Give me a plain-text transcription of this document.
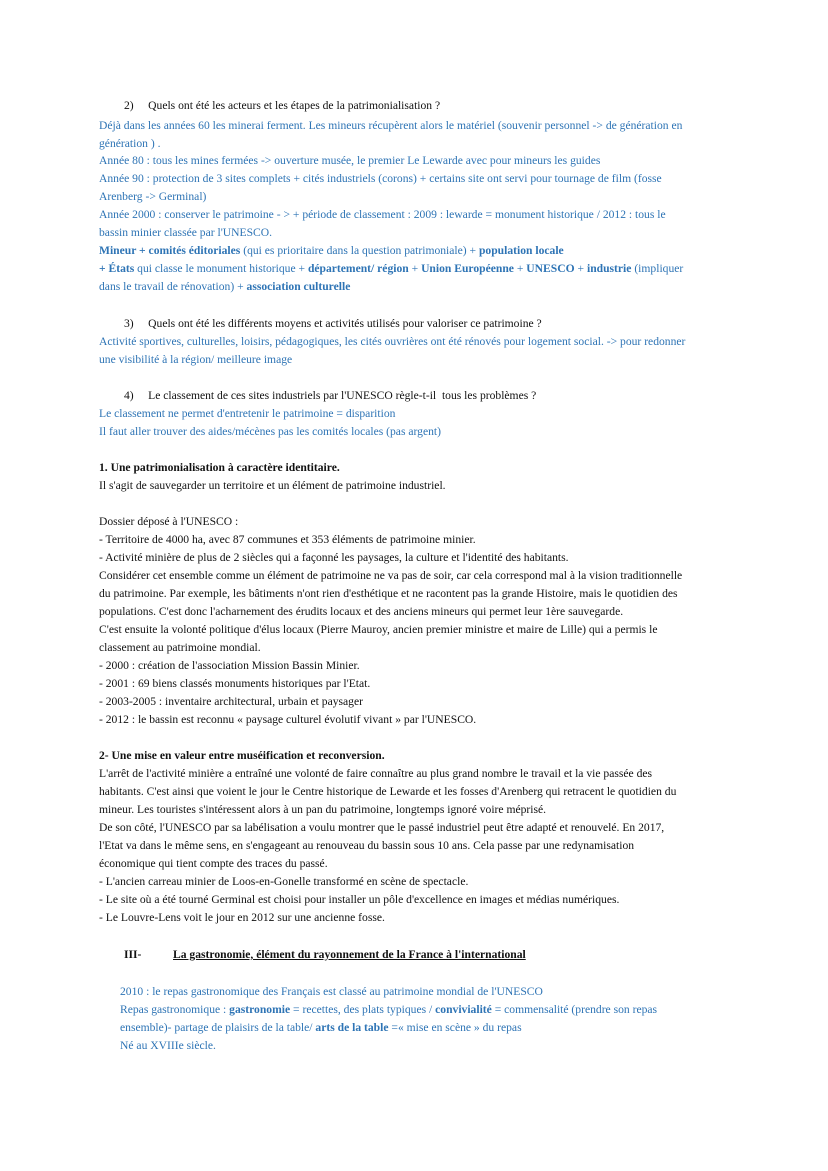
2)     Quels ont été les acteurs et les étapes de la patrimonialisation ?
Déjà dans les années 60 les minerai ferment. Les mineurs récupèrent alors le matériel (souvenir personnel -> de génération en
génération ) .
Année 80 : tous les mines fermées -> ouverture musée, le premier Le Lewarde avec pour mineurs les guides
Année 90 : protection de 3 sites complets + cités industriels (corons) + certains site ont servi pour tournage de film (fosse
Arenberg -> Germinal)
Année 2000 : conserver le patrimoine - > + période de classement : 2009 : lewarde = monument historique / 2012 : tous le
bassin minier classée par l'UNESCO.
Mineur + comités éditoriales (qui es prioritaire dans la question patrimoniale) + population locale
+ États qui classe le monument historique + département/ région + Union Européenne + UNESCO + industrie (impliquer
dans le travail de rénovation) + association culturelle
3)     Quels ont été les différents moyens et activités utilisés pour valoriser ce patrimoine ?
Activité sportives, culturelles, loisirs, pédagogiques, les cités ouvrières ont été rénovés pour logement social. -> pour redonner
une visibilité à la région/ meilleure image
4)     Le classement de ces sites industriels par l'UNESCO règle-t-il  tous les problèmes ?
Le classement ne permet d'entretenir le patrimoine = disparition
Il faut aller trouver des aides/mécènes pas les comités locales (pas argent)
1. Une patrimonialisation à caractère identitaire.
Il s'agit de sauvegarder un territoire et un élément de patrimoine industriel.
Dossier déposé à l'UNESCO :
- Territoire de 4000 ha, avec 87 communes et 353 éléments de patrimoine minier.
- Activité minière de plus de 2 siècles qui a façonné les paysages, la culture et l'identité des habitants.
Considérer cet ensemble comme un élément de patrimoine ne va pas de soir, car cela correspond mal à la vision traditionnelle
du patrimoine. Par exemple, les bâtiments n'ont rien d'esthétique et ne racontent pas la grande Histoire, mais le quotidien des
populations. C'est donc l'acharnement des érudits locaux et des anciens mineurs qui permet leur 1ère sauvegarde.
C'est ensuite la volonté politique d'élus locaux (Pierre Mauroy, ancien premier ministre et maire de Lille) qui a permis le
classement au patrimoine mondial.
- 2000 : création de l'association Mission Bassin Minier.
- 2001 : 69 biens classés monuments historiques par l'Etat.
- 2003-2005 : inventaire architectural, urbain et paysager
- 2012 : le bassin est reconnu « paysage culturel évolutif vivant » par l'UNESCO.
2- Une mise en valeur entre muséification et reconversion.
L'arrêt de l'activité minière a entraîné une volonté de faire connaître au plus grand nombre le travail et la vie passée des
habitants. C'est ainsi que voient le jour le Centre historique de Lewarde et les fosses d'Arenberg qui retracent le quotidien du
mineur. Les touristes s'intéressent alors à un pan du patrimoine, longtemps ignoré voire méprisé.
De son côté, l'UNESCO par sa labélisation a voulu montrer que le passé industriel peut être adapté et renouvelé. En 2017,
l'Etat va dans le même sens, en s'engageant au renouveau du bassin sous 10 ans. Cela passe par une redynamisation
économique qui tient compte des traces du passé.
- L'ancien carreau minier de Loos-en-Gonelle transformé en scène de spectacle.
- Le site où a été tourné Germinal est choisi pour installer un pôle d'excellence en images et médias numériques.
- Le Louvre-Lens voit le jour en 2012 sur une ancienne fosse.
III-	La gastronomie, élément du rayonnement de la France à l'international
2010 : le repas gastronomique des Français est classé au patrimoine mondial de l'UNESCO
Repas gastronomique : gastronomie = recettes, des plats typiques / convivialité = commensalité (prendre son repas
ensemble)- partage de plaisirs de la table/ arts de la table =« mise en scène » du repas
Né au XVIIIe siècle.
